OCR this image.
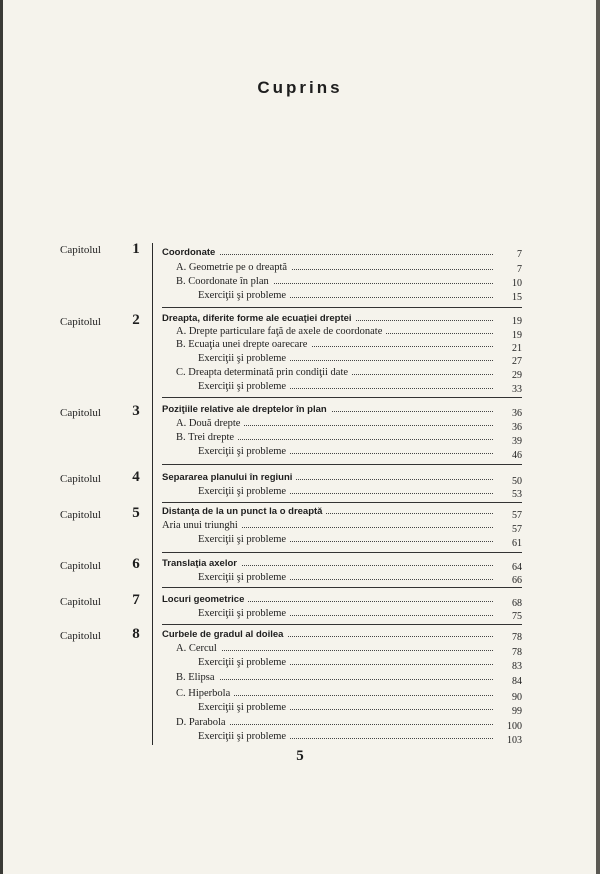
Cuprins
Capitolul	1	Coordonate	7
A. Geometrie pe o dreaptă	7
B. Coordonate în plan	10
Exerciţii şi probleme	15
Capitolul	2	Dreapta, diferite forme ale ecuaţiei dreptei	19
A. Drepte particulare faţă de axele de coordonate	19
B. Ecuaţia unei drepte oarecare	21
Exerciţii şi probleme	27
C. Dreapta determinată prin condiţii date	29
Exerciţii şi probleme	33
Capitolul	3	Poziţiile relative ale dreptelor în plan	36
A. Două drepte	36
B. Trei drepte	39
Exerciţii şi probleme	46
Capitolul	4	Separarea planului în regiuni	50
Exerciţii şi probleme	53
Capitolul	5	Distanţa de la un punct la o dreaptă	57
Aria unui triunghi	57
Exerciţii şi probleme	61
Capitolul	6	Translaţia axelor	64
Exerciţii şi probleme	66
Capitolul	7	Locuri geometrice	68
Exerciţii şi probleme	75
Capitolul	8	Curbele de gradul al doilea	78
A. Cercul	78
Exerciţii şi probleme	83
B. Elipsa	84
C. Hiperbola	90
Exerciţii şi probleme	99
D. Parabola	100
Exerciţii şi probleme	103
5
